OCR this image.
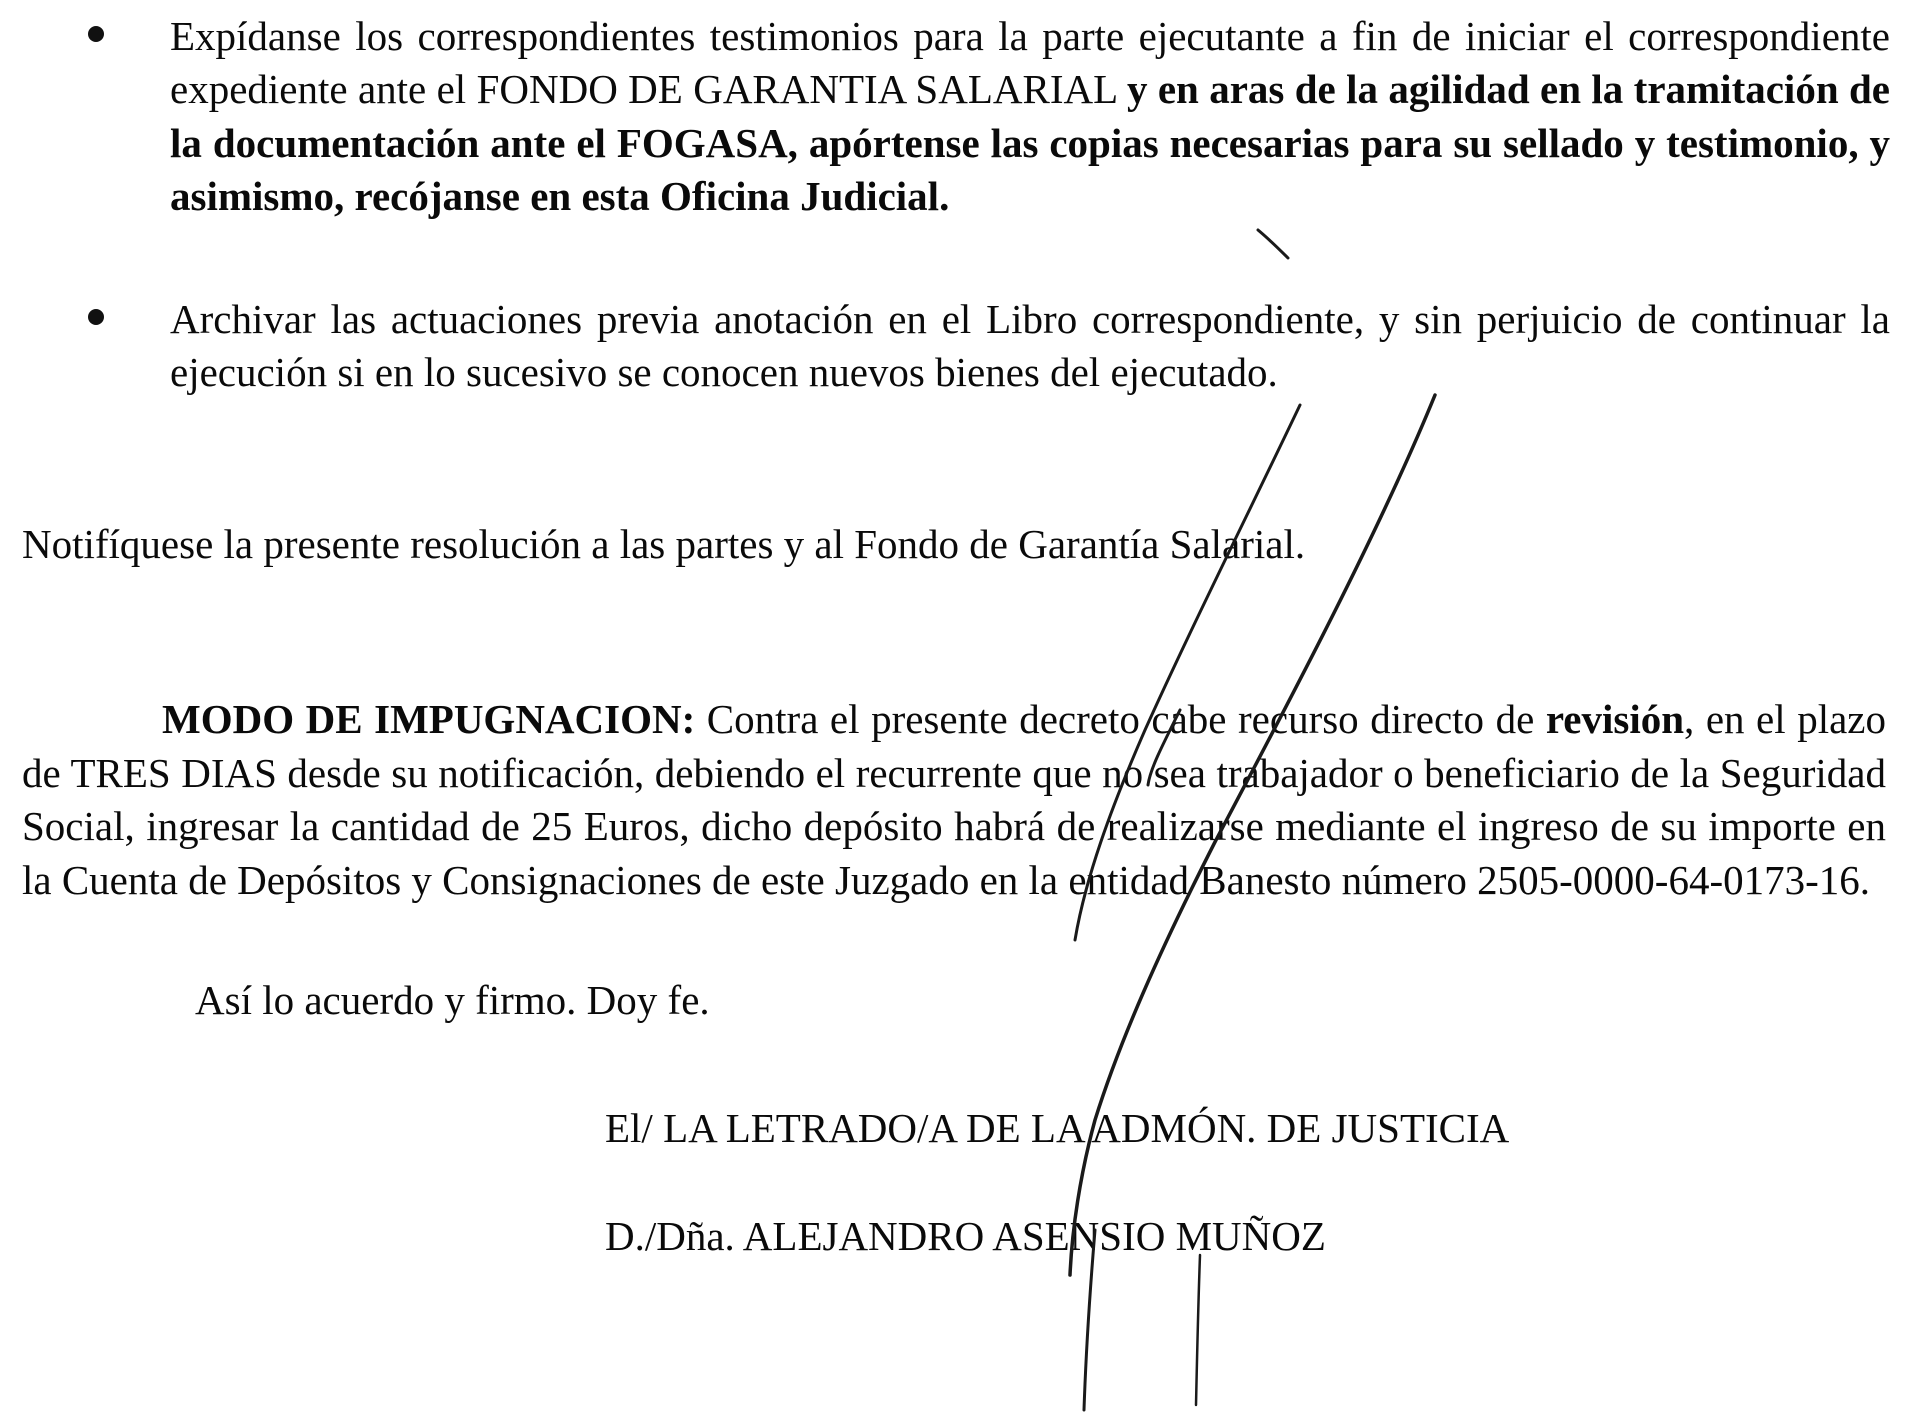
Expídanse los correspondientes testimonios para la parte ejecutante a fin de iniciar el correspondiente expediente ante el FONDO DE GARANTIA SALARIAL y en aras de la agilidad en la tramitación de la documentación ante el FOGASA, apórtense las copias necesarias para su sellado y testimonio, y asimismo, recójanse en esta Oficina Judicial.
Archivar las actuaciones previa anotación en el Libro correspondiente, y sin perjuicio de continuar la ejecución si en lo sucesivo se conocen nuevos bienes del ejecutado.
Notifíquese la presente resolución a las partes y al Fondo de Garantía Salarial.
MODO DE IMPUGNACION: Contra el presente decreto cabe recurso directo de revisión, en el plazo de TRES DIAS desde su notificación, debiendo el recurrente que no sea trabajador o beneficiario de la Seguridad Social, ingresar la cantidad de 25 Euros, dicho depósito habrá de realizarse mediante el ingreso de su importe en la Cuenta de Depósitos y Consignaciones de este Juzgado en la entidad Banesto número 2505-0000-64-0173-16.
Así lo acuerdo y firmo. Doy fe.
El/ LA LETRADO/A DE LA ADMÓN. DE JUSTICIA
D./Dña. ALEJANDRO ASENSIO MUÑOZ
